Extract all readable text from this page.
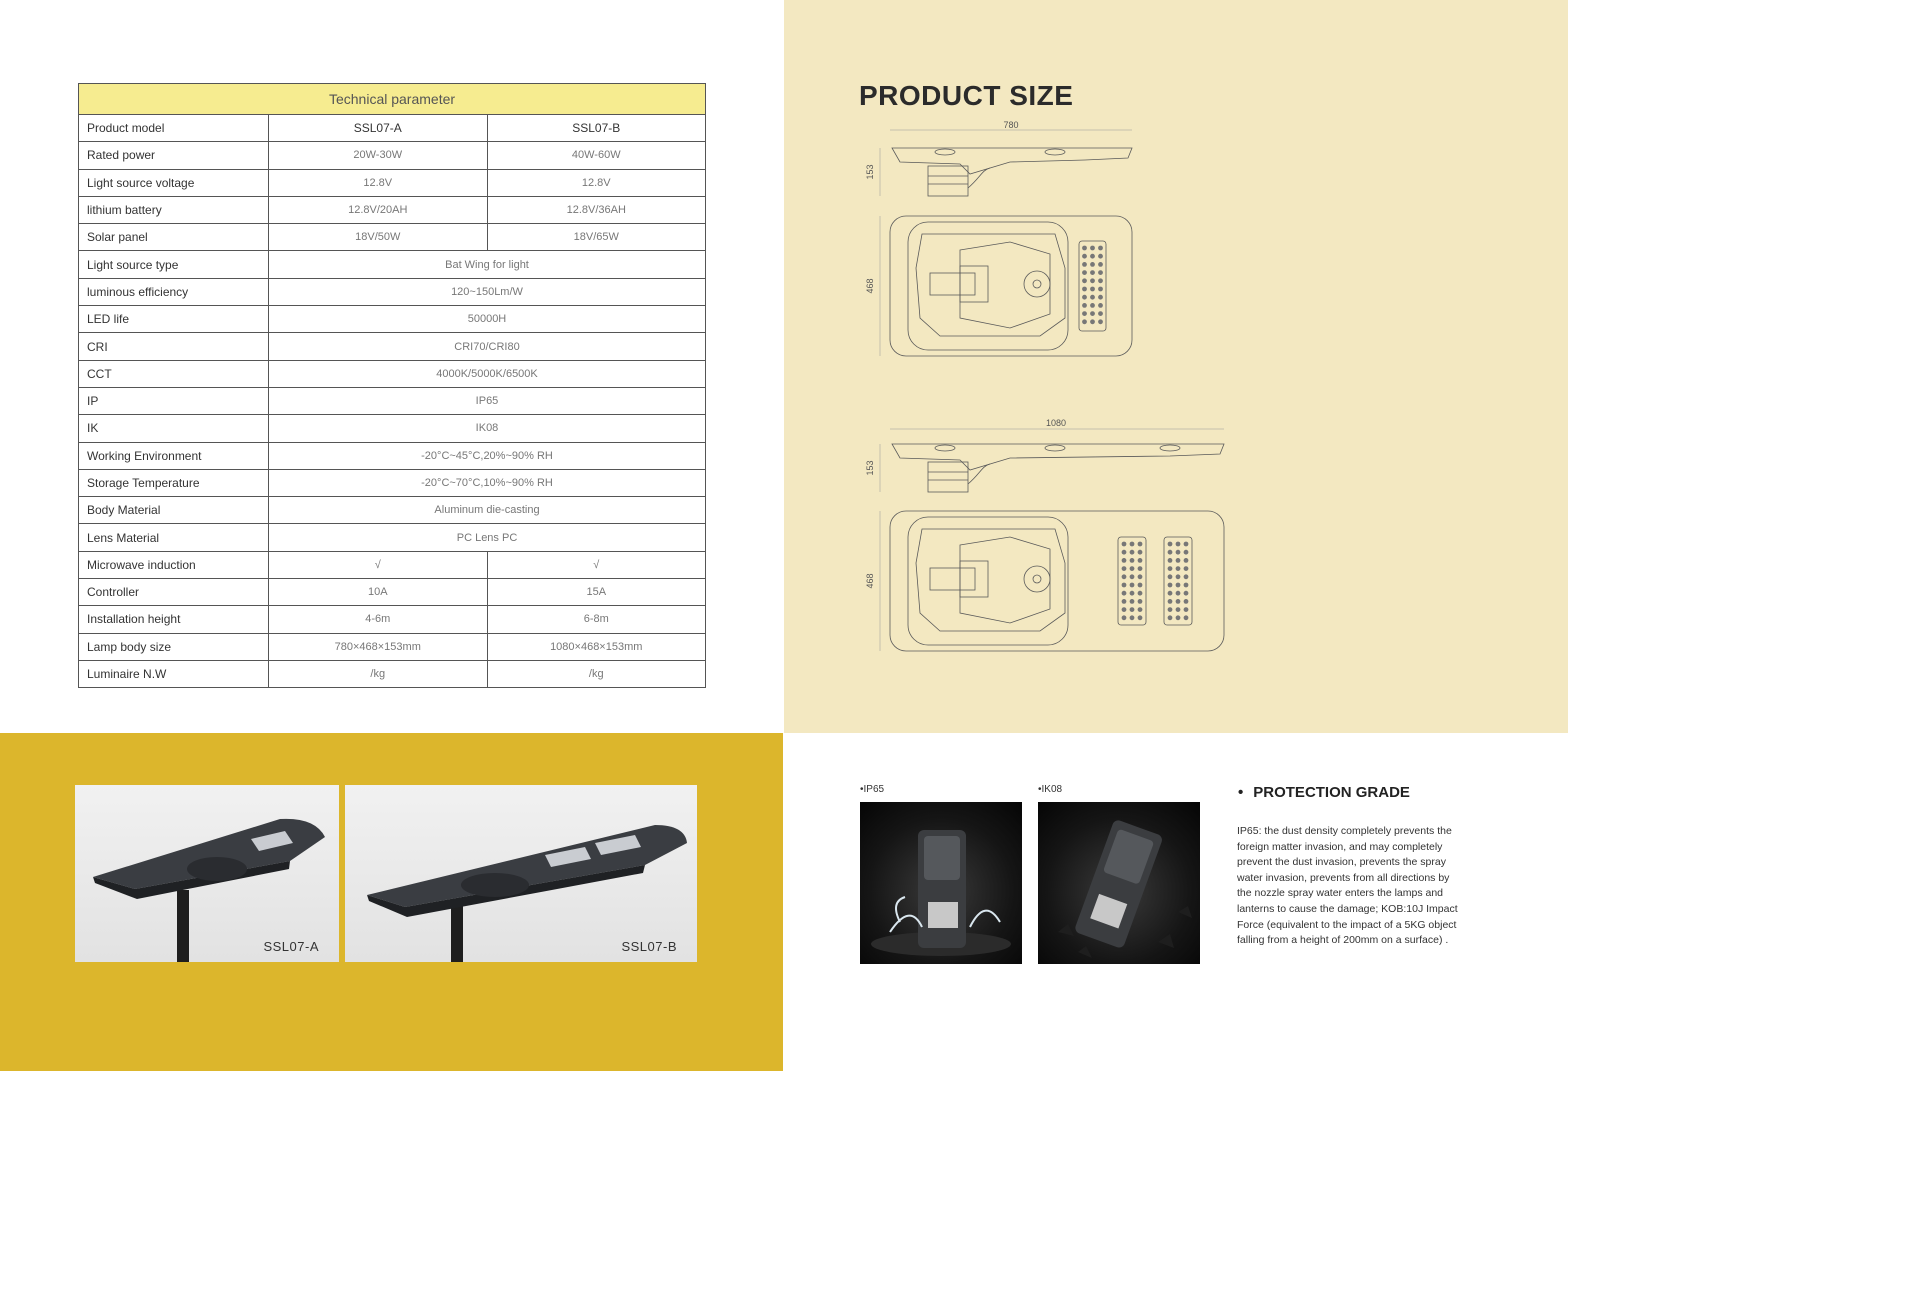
Technical parameter		
Product model	SSL07-A	SSL07-B
Rated power	20W-30W	40W-60W
Light source voltage	12.8V	12.8V
lithium battery	12.8V/20AH	12.8V/36AH
Solar panel	18V/50W	18V/65W
Light source type	Bat Wing for light	
luminous efficiency	120~150Lm/W	
LED life	50000H	
CRI	CRI70/CRI80	
CCT	4000K/5000K/6500K	
IP	IP65	
IK	IK08	
Working Environment	-20°C~45°C,20%~90% RH	
Storage Temperature	-20°C~70°C,10%~90% RH	
Body Material	Aluminum die-casting	
Lens Material	PC Lens PC	
Microwave induction	√	√
Controller	10A	15A
Installation height	4-6m	6-8m
Lamp body size	780×468×153mm	1080×468×153mm
Luminaire N.W	/kg	/kg
PRODUCT SIZE
780
153
468
1080
153
468
SSL07-A	SSL07-B
•IP65	•IK08	• PROTECTION GRADE
IP65: the dust density completely prevents the foreign matter invasion, and may completely prevent the dust invasion, prevents the spray water invasion, prevents from all directions by the nozzle spray water enters the lamps and lanterns to cause the damage; KOB:10J Impact Force (equivalent to the impact of a 5KG object falling from a height of 200mm on a surface) .
